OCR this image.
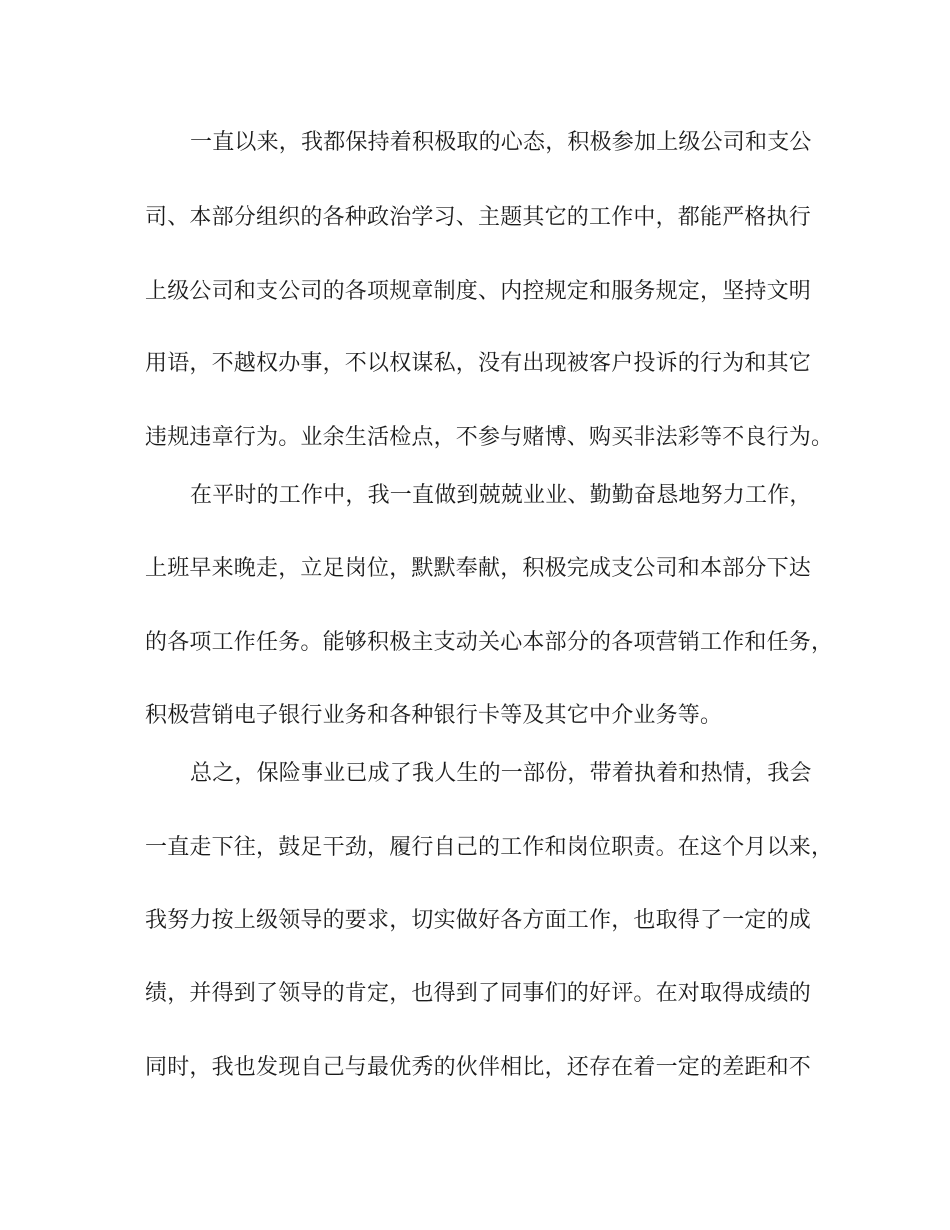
一直以来，我都保持着积极取的心态，积极参加上级公司和支公

司、本部分组织的各种政治学习、主题其它的工作中，都能严格执行

上级公司和支公司的各项规章制度、内控规定和服务规定，坚持文明

用语，不越权办事，不以权谋私，没有出现被客户投诉的行为和其它

违规违章行为。业余生活检点，不参与赌博、购买非法彩等不良行为。

在平时的工作中，我一直做到兢兢业业、勤勤奋恳地努力工作，

上班早来晚走，立足岗位，默默奉献，积极完成支公司和本部分下达

的各项工作任务。能够积极主支动关心本部分的各项营销工作和任务，

积极营销电子银行业务和各种银行卡等及其它中介业务等。

总之，保险事业已成了我人生的一部份，带着执着和热情，我会

一直走下往，鼓足干劲，履行自己的工作和岗位职责。在这个月以来，

我努力按上级领导的要求，切实做好各方面工作，也取得了一定的成

绩，并得到了领导的肯定，也得到了同事们的好评。在对取得成绩的

同时，我也发现自己与最优秀的伙伴相比，还存在着一定的差距和不
